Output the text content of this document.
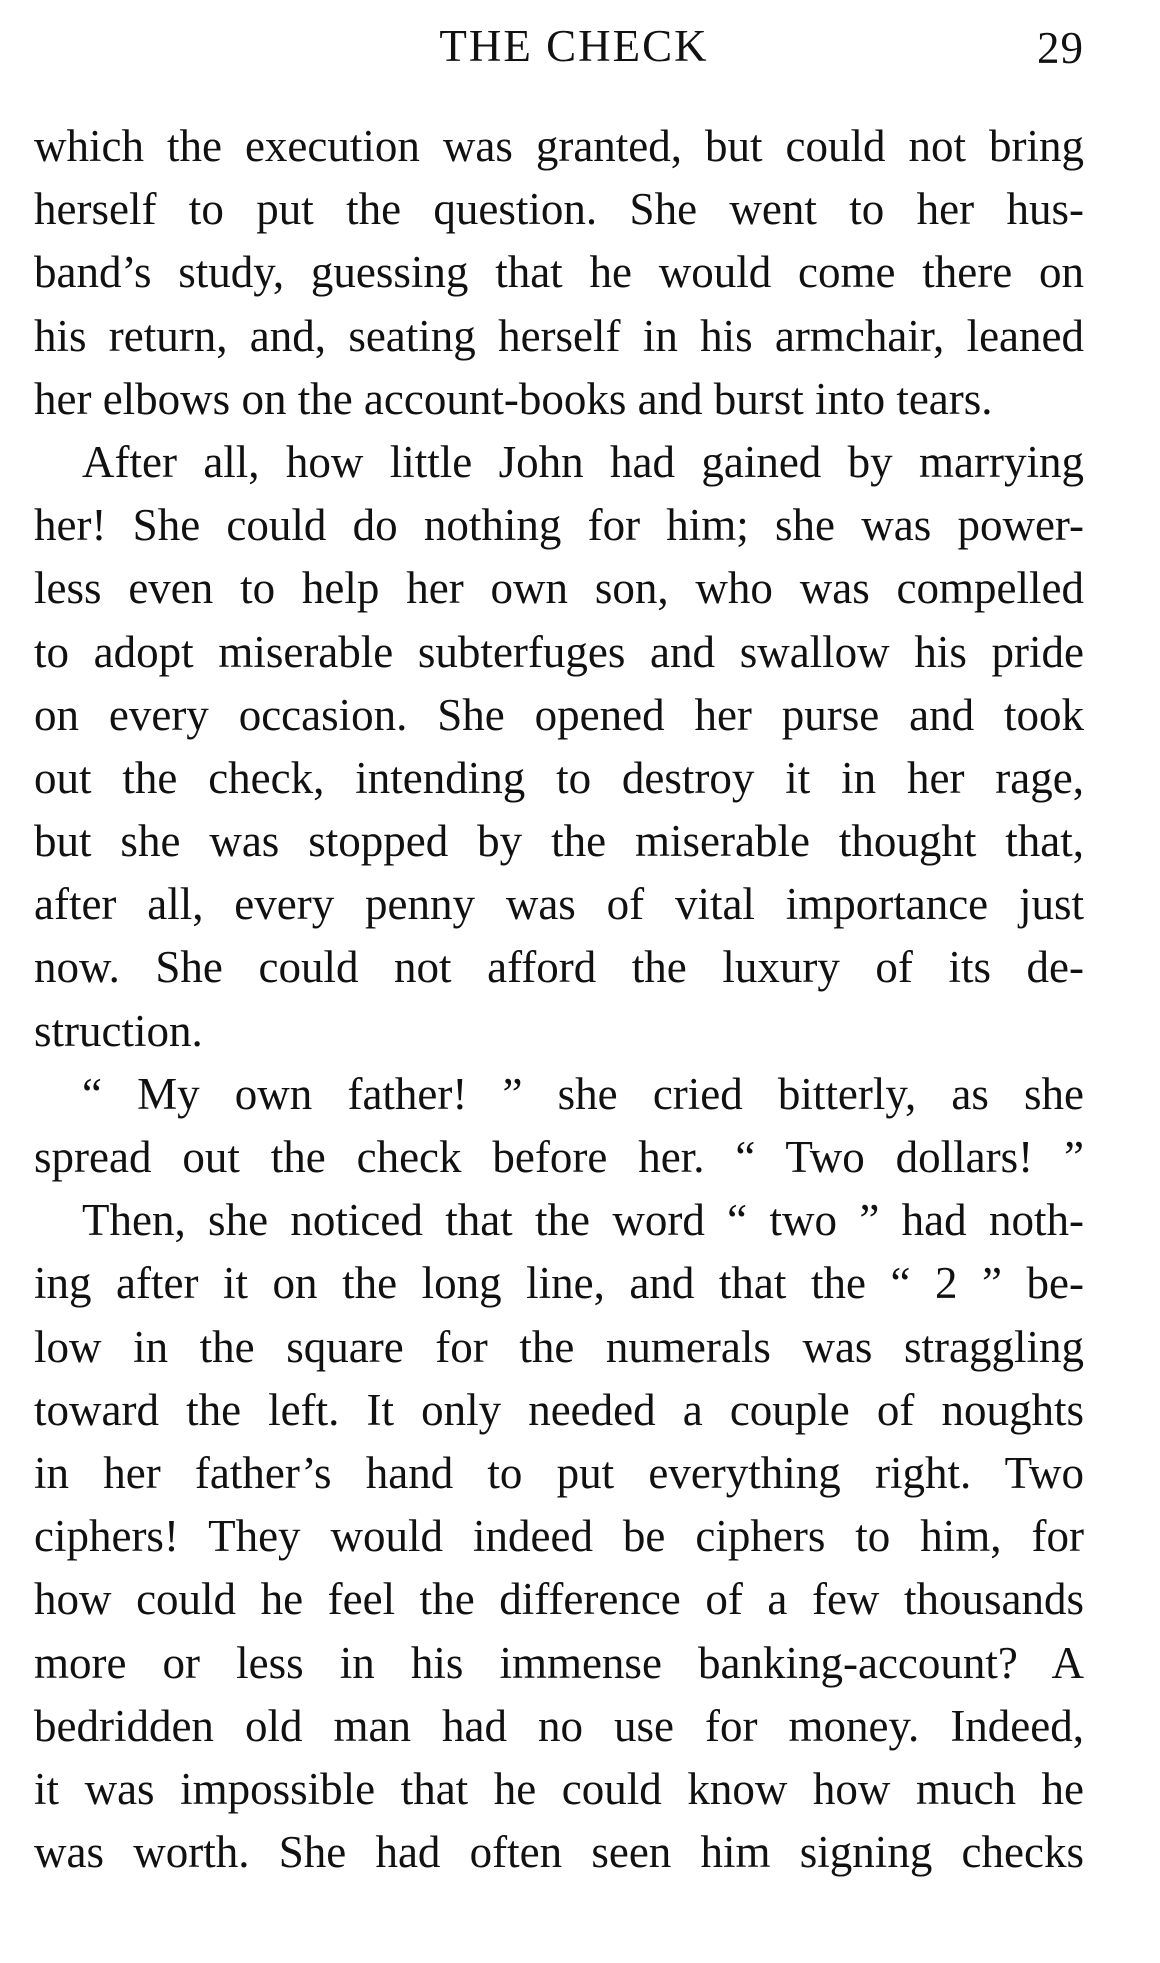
THE CHECK	29
which the execution was granted, but could not bring
herself to put the question. She went to her hus-
band’s study, guessing that he would come there on
his return, and, seating herself in his armchair, leaned
her elbows on the account-books and burst into tears.
After all, how little John had gained by marrying
her! She could do nothing for him; she was power-
less even to help her own son, who was compelled
to adopt miserable subterfuges and swallow his pride
on every occasion. She opened her purse and took
out the check, intending to destroy it in her rage,
but she was stopped by the miserable thought that,
after all, every penny was of vital importance just
now. She could not afford the luxury of its de-
struction.
“ My own father! ” she cried bitterly, as she
spread out the check before her. “ Two dollars! ”
Then, she noticed that the word “ two ” had noth-
ing after it on the long line, and that the “ 2 ” be-
low in the square for the numerals was straggling
toward the left. It only needed a couple of noughts
in her father’s hand to put everything right. Two
ciphers! They would indeed be ciphers to him, for
how could he feel the difference of a few thousands
more or less in his immense banking-account? A
bedridden old man had no use for money. Indeed,
it was impossible that he could know how much he
was worth. She had often seen him signing checks
